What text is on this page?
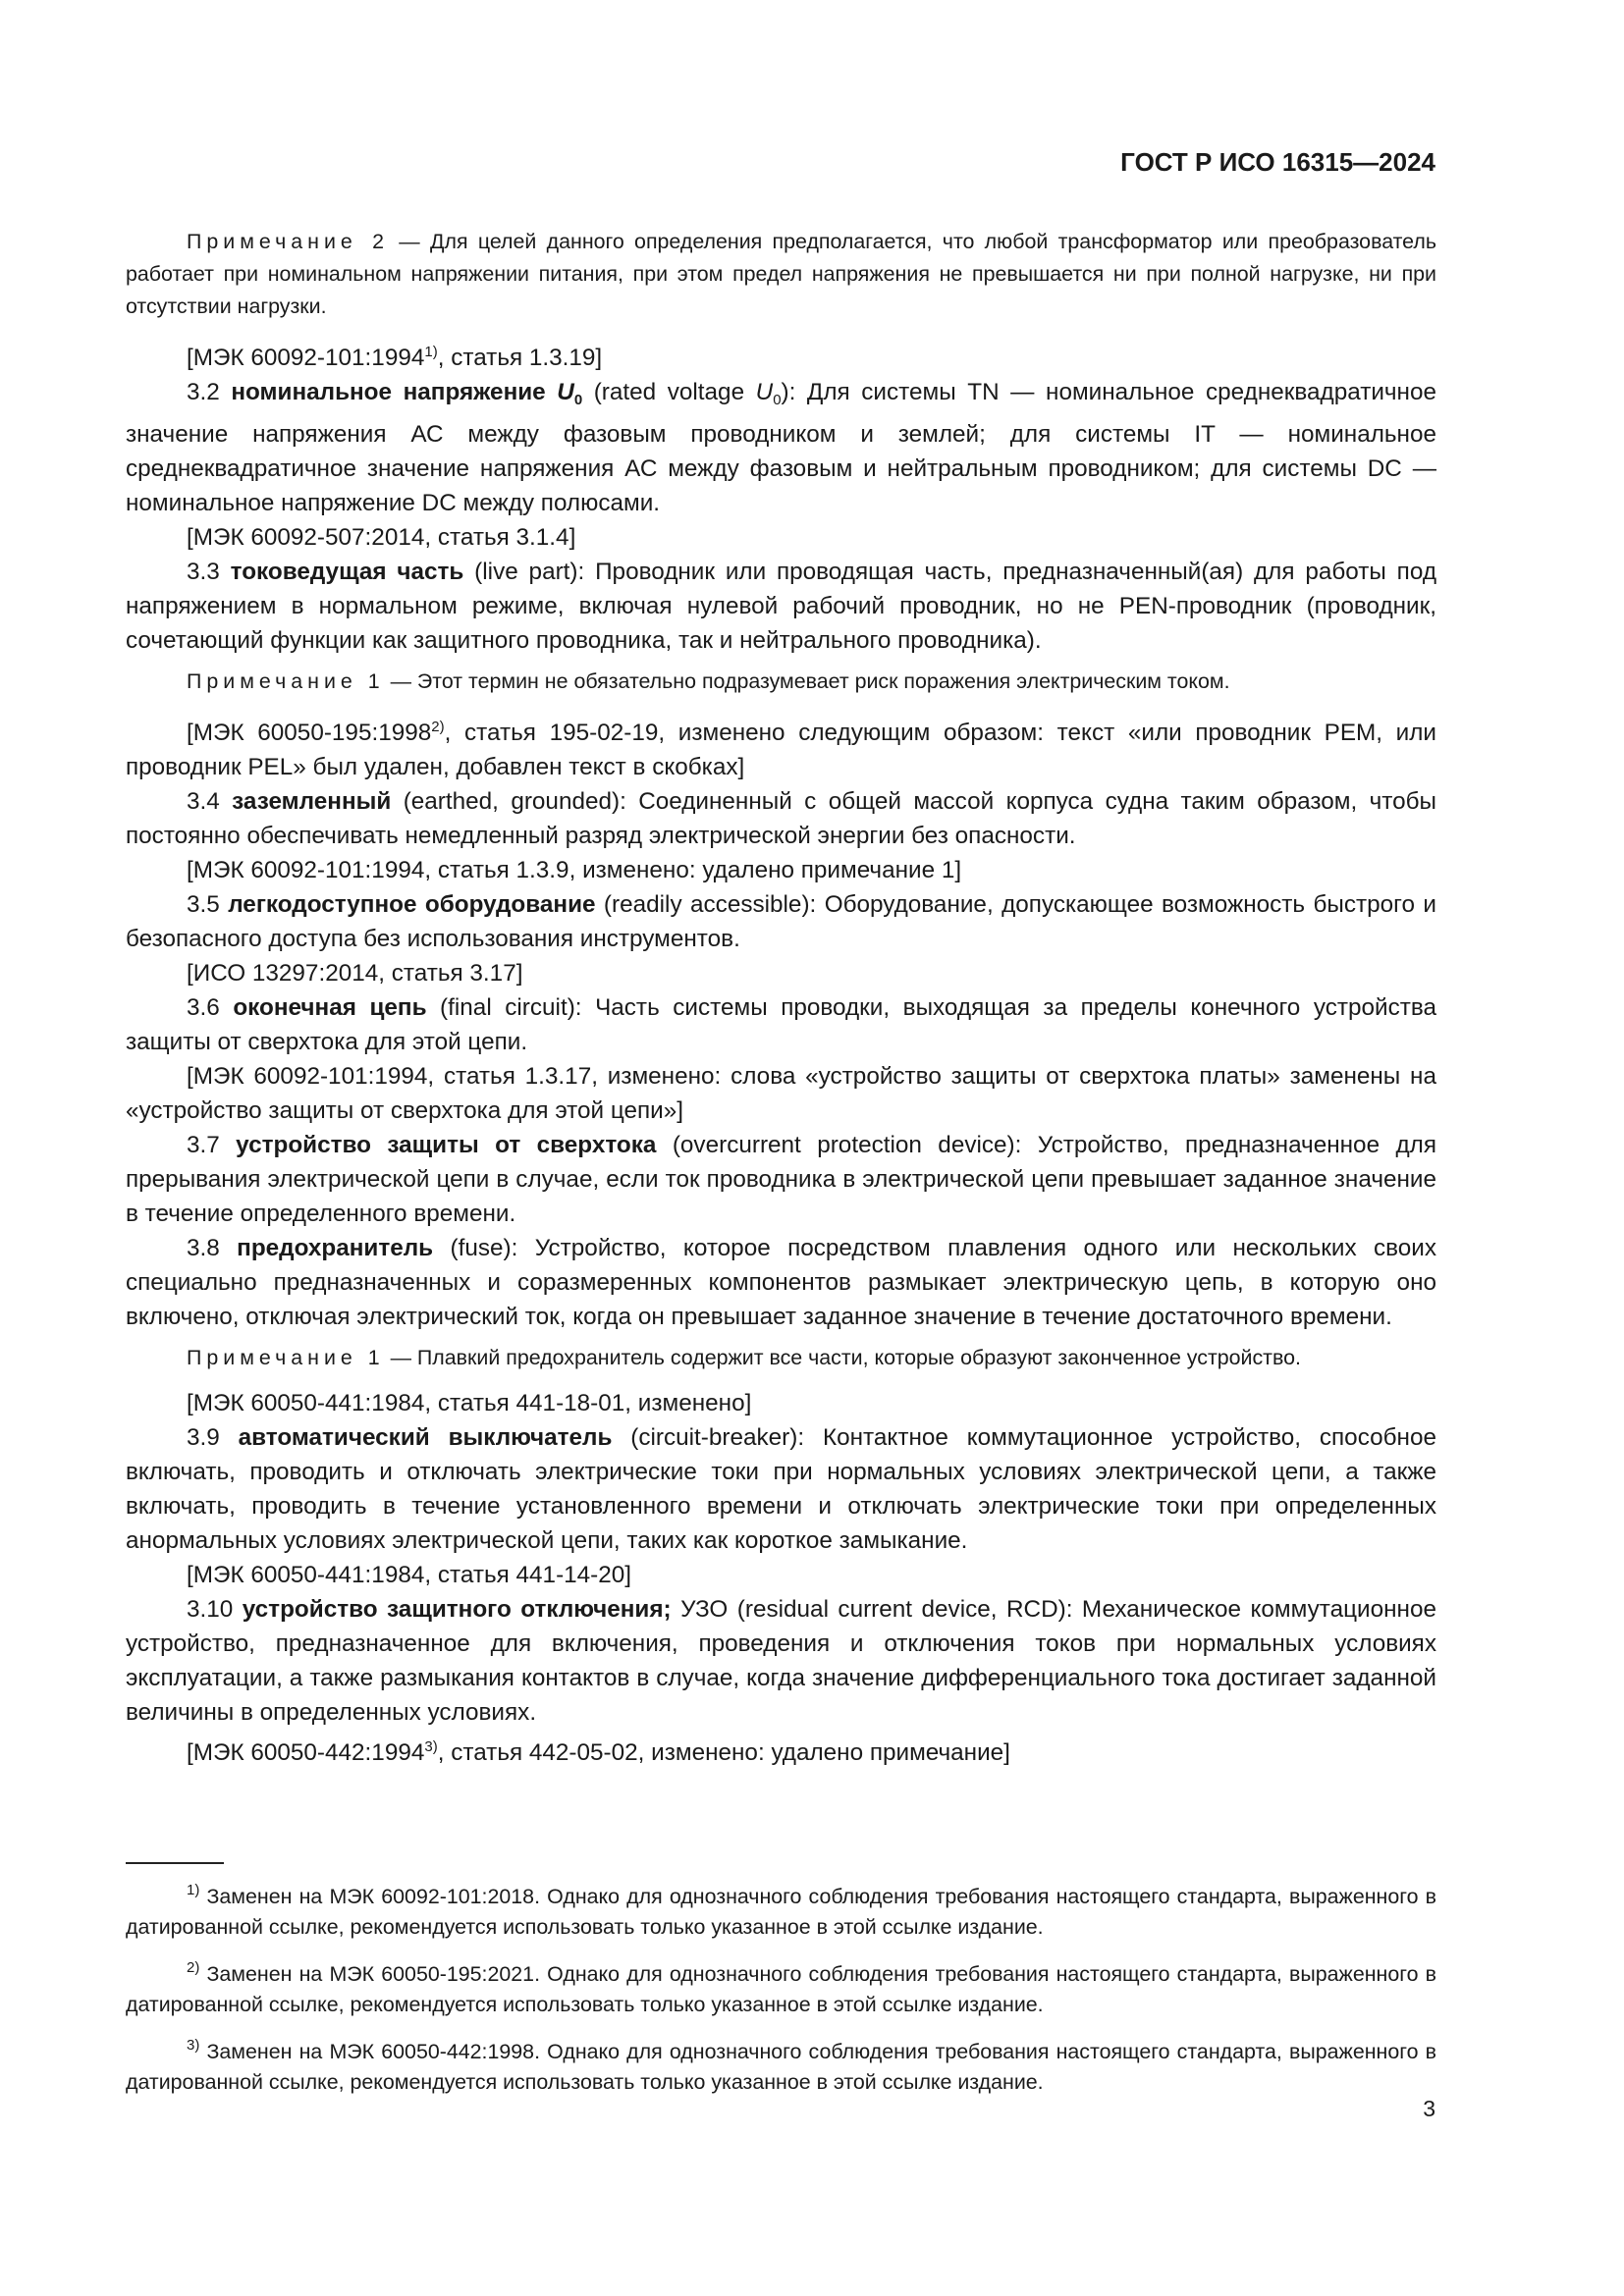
ГОСТ Р ИСО 16315—2024

Примечание 2 — Для целей данного определения предполагается, что любой трансформатор или преобразователь работает при номинальном напряжении питания, при этом предел напряжения не превышается ни при полной нагрузке, ни при отсутствии нагрузки.

[МЭК 60092-101:1994$^{1)}$, статья 1.3.19]

3.2 номинальное напряжение $U_0$ (rated voltage $U_0$): Для системы TN — номинальное среднеквадратичное значение напряжения АС между фазовым проводником и землей; для системы IT — номинальное среднеквадратичное значение напряжения АС между фазовым и нейтральным проводником; для системы DC — номинальное напряжение DC между полюсами.

[МЭК 60092-507:2014, статья 3.1.4]

3.3 токоведущая часть (live part): Проводник или проводящая часть, предназначенный(ая) для работы под напряжением в нормальном режиме, включая нулевой рабочий проводник, но не PEN-проводник (проводник, сочетающий функции как защитного проводника, так и нейтрального проводника).

Примечание 1 — Этот термин не обязательно подразумевает риск поражения электрическим током.

[МЭК 60050-195:1998$^{2)}$, статья 195-02-19, изменено следующим образом: текст «или проводник PEM, или проводник PEL» был удален, добавлен текст в скобках]

3.4 заземленный (earthed, grounded): Соединенный с общей массой корпуса судна таким образом, чтобы постоянно обеспечивать немедленный разряд электрической энергии без опасности.

[МЭК 60092-101:1994, статья 1.3.9, изменено: удалено примечание 1]

3.5 легкодоступное оборудование (readily accessible): Оборудование, допускающее возможность быстрого и безопасного доступа без использования инструментов.

[ИСО 13297:2014, статья 3.17]

3.6 оконечная цепь (final circuit): Часть системы проводки, выходящая за пределы конечного устройства защиты от сверхтока для этой цепи.

[МЭК 60092-101:1994, статья 1.3.17, изменено: слова «устройство защиты от сверхтока платы» заменены на «устройство защиты от сверхтока для этой цепи»]

3.7 устройство защиты от сверхтока (overcurrent protection device): Устройство, предназначенное для прерывания электрической цепи в случае, если ток проводника в электрической цепи превышает заданное значение в течение определенного времени.

3.8 предохранитель (fuse): Устройство, которое посредством плавления одного или нескольких своих специально предназначенных и соразмеренных компонентов размыкает электрическую цепь, в которую оно включено, отключая электрический ток, когда он превышает заданное значение в течение достаточного времени.

Примечание 1 — Плавкий предохранитель содержит все части, которые образуют законченное устройство.

[МЭК 60050-441:1984, статья 441-18-01, изменено]

3.9 автоматический выключатель (circuit-breaker): Контактное коммутационное устройство, способное включать, проводить и отключать электрические токи при нормальных условиях электрической цепи, а также включать, проводить в течение установленного времени и отключать электрические токи при определенных анормальных условиях электрической цепи, таких как короткое замыкание.

[МЭК 60050-441:1984, статья 441-14-20]

3.10 устройство защитного отключения; УЗО (residual current device, RCD): Механическое коммутационное устройство, предназначенное для включения, проведения и отключения токов при нормальных условиях эксплуатации, а также размыкания контактов в случае, когда значение дифференциального тока достигает заданной величины в определенных условиях.

[МЭК 60050-442:1994$^{3)}$, статья 442-05-02, изменено: удалено примечание]

$^{1)}$ Заменен на МЭК 60092-101:2018. Однако для однозначного соблюдения требования настоящего стандарта, выраженного в датированной ссылке, рекомендуется использовать только указанное в этой ссылке издание.

$^{2)}$ Заменен на МЭК 60050-195:2021. Однако для однозначного соблюдения требования настоящего стандарта, выраженного в датированной ссылке, рекомендуется использовать только указанное в этой ссылке издание.

$^{3)}$ Заменен на МЭК 60050-442:1998. Однако для однозначного соблюдения требования настоящего стандарта, выраженного в датированной ссылке, рекомендуется использовать только указанное в этой ссылке издание.

3
